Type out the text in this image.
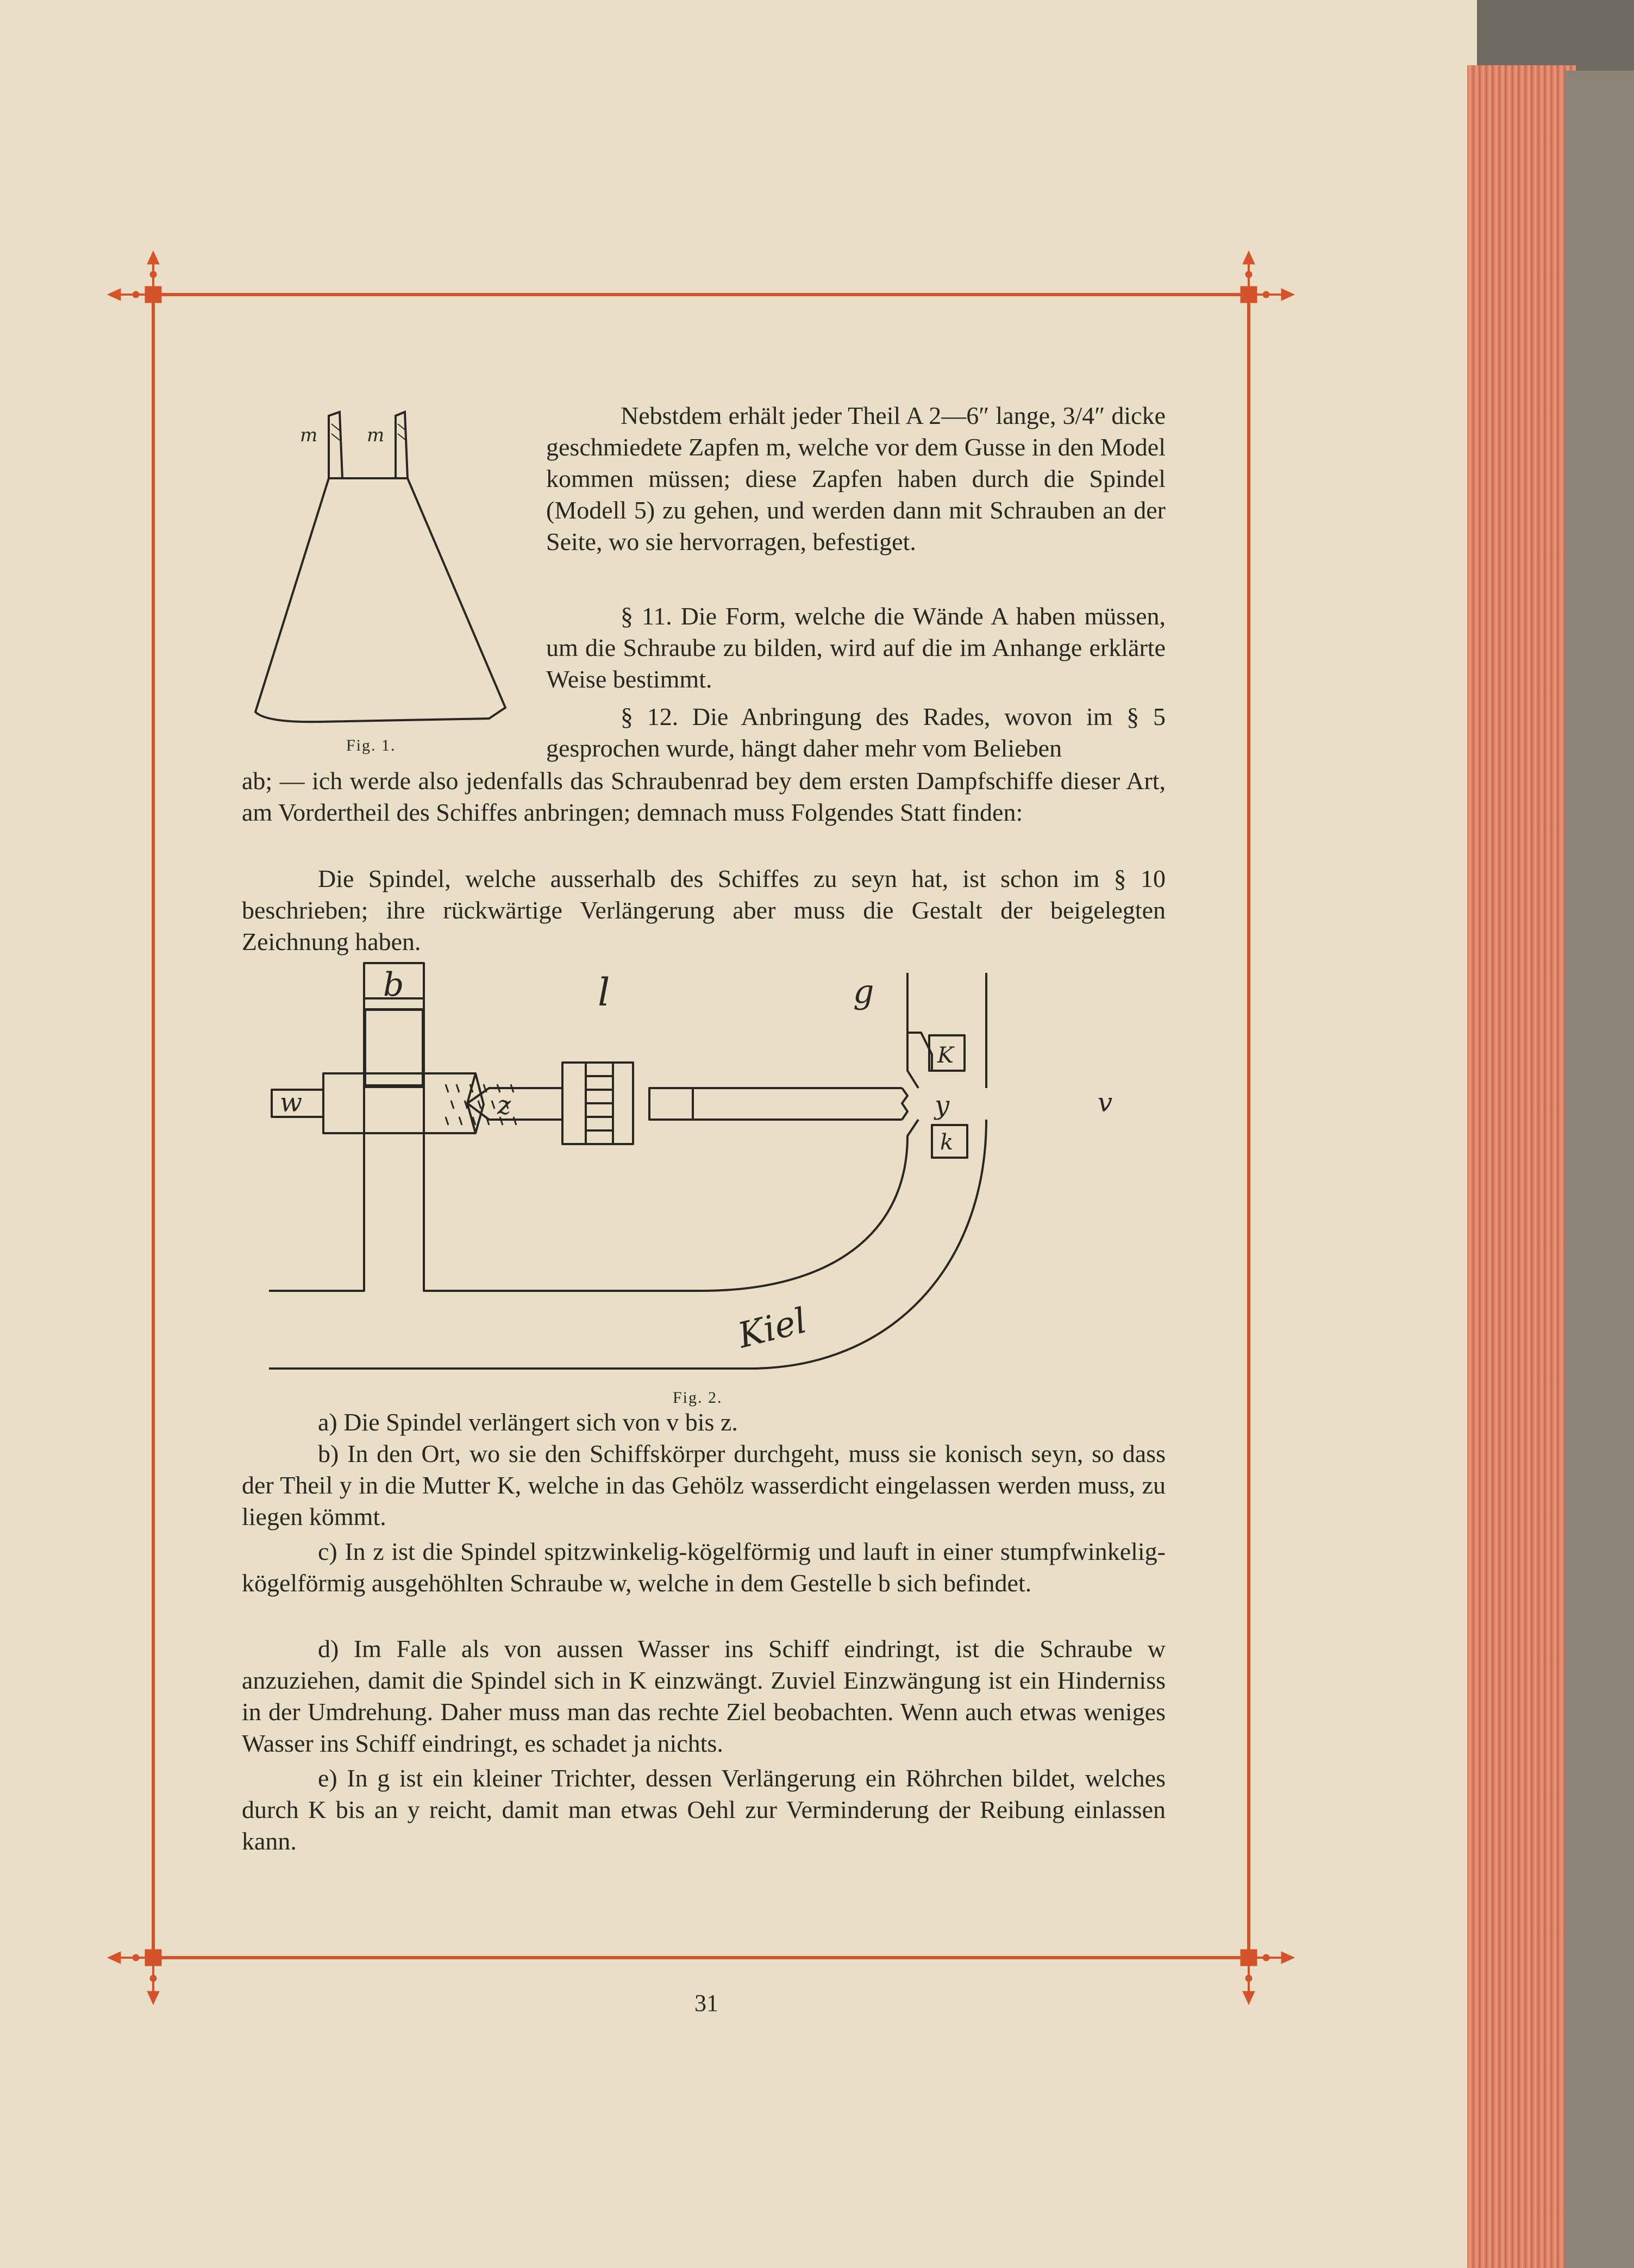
m	m
Fig. 1.

Nebstdem erhält jeder Theil A 2—6″ lange, 3/4″ dicke geschmiedete Zapfen m, welche vor dem Gusse in den Model kommen müssen; diese Zapfen haben durch die Spindel (Modell 5) zu gehen, und werden dann mit Schrauben an der Seite, wo sie hervorragen, befestiget.

§ 11. Die Form, welche die Wände A haben müssen, um die Schraube zu bilden, wird auf die im Anhange erklärte Weise bestimmt.

§ 12. Die Anbringung des Rades, wovon im § 5 gesprochen wurde, hängt daher mehr vom Belieben

ab; — ich werde also jedenfalls das Schraubenrad bey dem ersten Dampfschiffe dieser Art, am Vordertheil des Schiffes anbringen; demnach muss Folgendes Statt finden:

Die Spindel, welche ausserhalb des Schiffes zu seyn hat, ist schon im § 10 beschrieben; ihre rückwärtige Verlängerung aber muss die Gestalt der beigelegten Zeichnung haben.

b	l	g
w	z
K
y	v
k
Kiel
Fig. 2.

a) Die Spindel verlängert sich von v bis z.

b) In den Ort, wo sie den Schiffskörper durchgeht, muss sie konisch seyn, so dass der Theil y in die Mutter K, welche in das Gehölz wasserdicht eingelassen werden muss, zu liegen kömmt.

c) In z ist die Spindel spitzwinkelig-kögelförmig und lauft in einer stumpfwinkelig-kögelförmig ausgehöhlten Schraube w, welche in dem Gestelle b sich befindet.

d) Im Falle als von aussen Wasser ins Schiff eindringt, ist die Schraube w anzuziehen, damit die Spindel sich in K einzwängt. Zuviel Einzwängung ist ein Hinderniss in der Umdrehung. Daher muss man das rechte Ziel beobachten. Wenn auch etwas weniges Wasser ins Schiff eindringt, es schadet ja nichts.

e) In g ist ein kleiner Trichter, dessen Verlängerung ein Röhrchen bildet, welches durch K bis an y reicht, damit man etwas Oehl zur Verminderung der Reibung einlassen kann.

31
